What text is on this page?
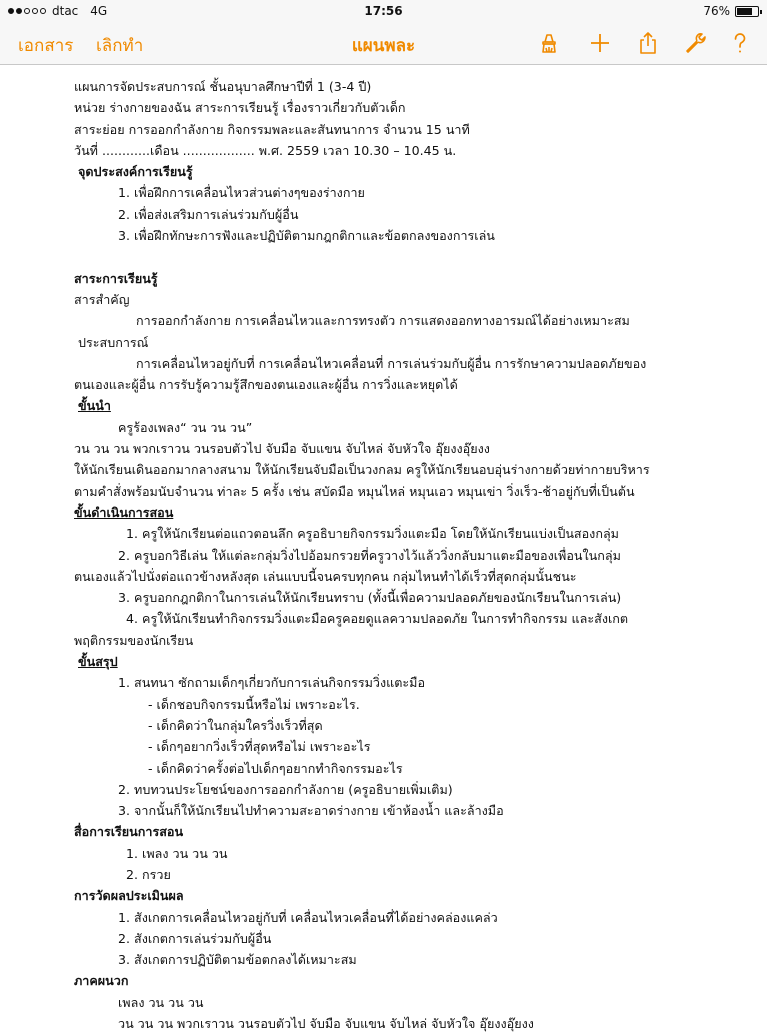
dtac 4G	17:56	76%
เอกสาร เลิกทำ	แผนพละ
แผนการจัดประสบการณ์ ชั้นอนุบาลศึกษาปีที่ 1 (3-4 ปี)
หน่วย ร่างกายของฉัน สาระการเรียนรู้ เรื่องราวเกี่ยวกับตัวเด็ก
สาระย่อย การออกกำลังกาย กิจกรรมพละและสันทนาการ จำนวน 15 นาที
วันที่ ............เดือน .................. พ.ศ. 2559 เวลา 10.30 – 10.45 น.
จุดประสงค์การเรียนรู้
1. เพื่อฝึกการเคลื่อนไหวส่วนต่างๆของร่างกาย
2. เพื่อส่งเสริมการเล่นร่วมกับผู้อื่น
3. เพื่อฝึกทักษะการฟังและปฏิบัติตามกฎกติกาและข้อตกลงของการเล่น
สาระการเรียนรู้
สารสำคัญ
การออกกำลังกาย การเคลื่อนไหวและการทรงตัว การแสดงออกทางอารมณ์ได้อย่างเหมาะสม
ประสบการณ์
การเคลื่อนไหวอยู่กับที่ การเคลื่อนไหวเคลื่อนที่ การเล่นร่วมกับผู้อื่น การรักษาความปลอดภัยของ
ตนเองและผู้อื่น การรับรู้ความรู้สึกของตนเองและผู้อื่น การวิ่งและหยุดได้
ขั้นนำ
ครูร้องเพลง“ วน วน วน”
วน วน วน พวกเราวน วนรอบตัวไป จับมือ จับแขน จับไหล่ จับหัวใจ อุ๊ยงงอุ๊ยงง
ให้นักเรียนเดินออกมากลางสนาม ให้นักเรียนจับมือเป็นวงกลม ครูให้นักเรียนอบอุ่นร่างกายด้วยท่ากายบริหาร
ตามคำสั่งพร้อมนับจำนวน ท่าละ 5 ครั้ง เช่น สบัดมือ หมุนไหล่ หมุนเอว หมุนเข่า วิ่งเร็ว-ช้าอยู่กับที่เป็นต้น
ขั้นดำเนินการสอน
1. ครูให้นักเรียนต่อแถวตอนลึก ครูอธิบายกิจกรรมวิ่งแตะมือ โดยให้นักเรียนแบ่งเป็นสองกลุ่ม
2. ครูบอกวิธีเล่น ให้แต่ละกลุ่มวิ่งไปอ้อมกรวยที่ครูวางไว้แล้ววิ่งกลับมาแตะมือของเพื่อนในกลุ่ม
ตนเองแล้วไปนั่งต่อแถวข้างหลังสุด เล่นแบบนี้จนครบทุกคน กลุ่มไหนทำได้เร็วที่สุดกลุ่มนั้นชนะ
3. ครูบอกกฎกติกาในการเล่นให้นักเรียนทราบ (ทั้งนี้เพื่อความปลอดภัยของนักเรียนในการเล่น)
4. ครูให้นักเรียนทำกิจกรรมวิ่งแตะมือครูคอยดูแลความปลอดภัย ในการทำกิจกรรม และสังเกต
พฤติกรรมของนักเรียน
ขั้นสรุป
1. สนทนา ซักถามเด็กๆเกี่ยวกับการเล่นกิจกรรมวิ่งแตะมือ
- เด็กชอบกิจกรรมนี้หรือไม่ เพราะอะไร.
- เด็กคิดว่าในกลุ่มใครวิ่งเร็วที่สุด
- เด็กๆอยากวิ่งเร็วที่สุดหรือไม่ เพราะอะไร
- เด็กคิดว่าครั้งต่อไปเด็กๆอยากทำกิจกรรมอะไร
2. ทบทวนประโยชน์ของการออกกำลังกาย (ครูอธิบายเพิ่มเติม)
3. จากนั้นก็ให้นักเรียนไปทำความสะอาดร่างกาย เข้าห้องน้ำ และล้างมือ
สื่อการเรียนการสอน
1. เพลง วน วน วน
2. กรวย
การวัดผลประเมินผล
1. สังเกตการเคลื่อนไหวอยู่กับที่ เคลื่อนไหวเคลื่อนที่ได้อย่างคล่องแคล่ว
2. สังเกตการเล่นร่วมกับผู้อื่น
3. สังเกตการปฏิบัติตามข้อตกลงได้เหมาะสม
ภาคผนวก
เพลง วน วน วน
วน วน วน พวกเราวน วนรอบตัวไป จับมือ จับแขน จับไหล่ จับหัวใจ อุ๊ยงงอุ๊ยงง
